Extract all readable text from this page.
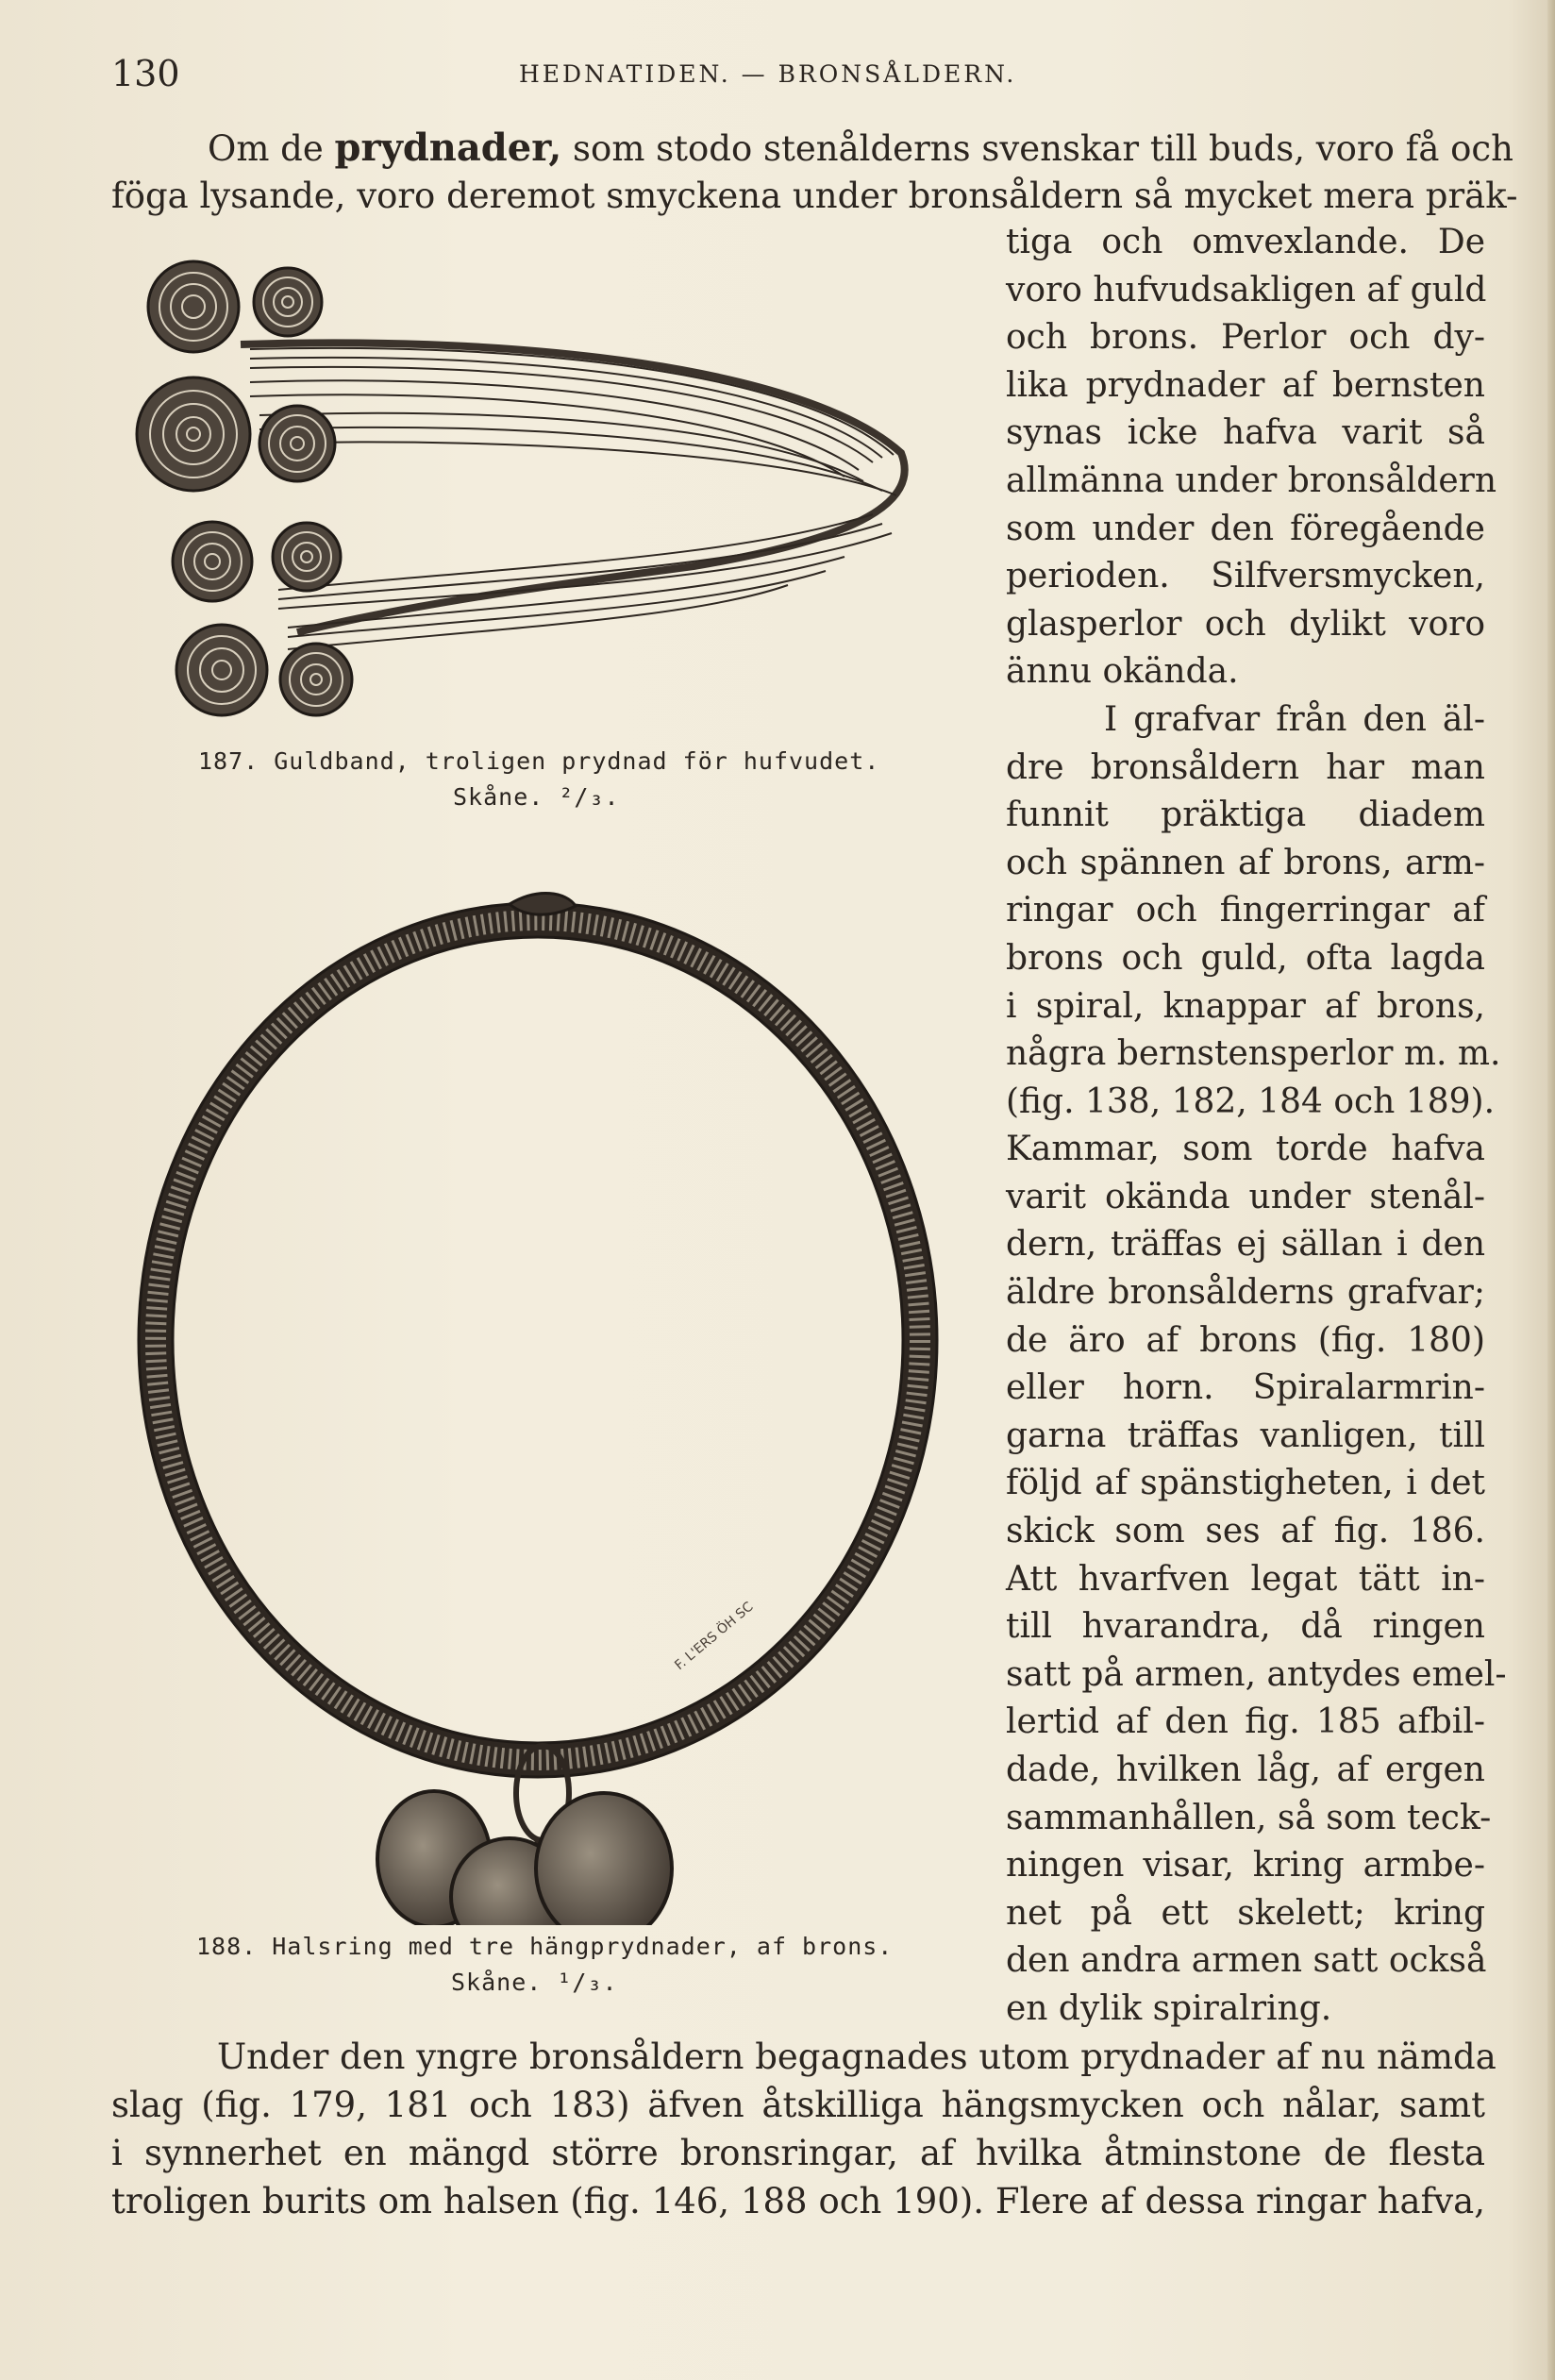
130	HEDNATIDEN. — BRONSÅLDERN.
Om de prydnader, som stodo stenålderns svenskar till buds, voro få och
föga lysande, voro deremot smyckena under bronsåldern så mycket mera präk-
187. Guldband, troligen prydnad för hufvudet.
Skåne. ²/₃.
F. L'ERS ÖH SC
188. Halsring med tre hängprydnader, af brons.
Skåne. ¹/₃.
tiga och omvexlande. De
voro hufvudsakligen af guld
och brons. Perlor och dy-
lika prydnader af bernsten
synas icke hafva varit så
allmänna under bronsåldern
som under den föregående
perioden. Silfversmycken,
glasperlor och dylikt voro
ännu okända.
I grafvar från den äl-
dre bronsåldern har man
funnit präktiga diadem
och spännen af brons, arm-
ringar och fingerringar af
brons och guld, ofta lagda
i spiral, knappar af brons,
några bernstensperlor m. m.
(fig. 138, 182, 184 och 189).
Kammar, som torde hafva
varit okända under stenål-
dern, träffas ej sällan i den
äldre bronsålderns grafvar;
de äro af brons (fig. 180)
eller horn. Spiralarmrin-
garna träffas vanligen, till
följd af spänstigheten, i det
skick som ses af fig. 186.
Att hvarfven legat tätt in-
till hvarandra, då ringen
satt på armen, antydes emel-
lertid af den fig. 185 afbil-
dade, hvilken låg, af ergen
sammanhållen, så som teck-
ningen visar, kring armbe-
net på ett skelett; kring
den andra armen satt också
en dylik spiralring.
Under den yngre bronsåldern begagnades utom prydnader af nu nämda
slag (fig. 179, 181 och 183) äfven åtskilliga hängsmycken och nålar, samt
i synnerhet en mängd större bronsringar, af hvilka åtminstone de flesta
troligen burits om halsen (fig. 146, 188 och 190). Flere af dessa ringar hafva,
